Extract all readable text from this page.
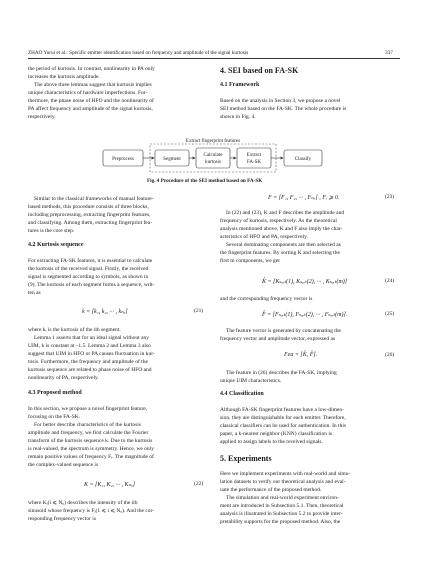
ZHAO Yurui et al.: Specific emitter identification based on frequency and amplitude of the signal kurtosis	337
the period of kurtosis. In contrast, nonlinearity in PA only
increases the kurtosis amplitude.
The above three lemmas suggest that kurtosis implies
unique characteristics of hardware imperfections. Fur-
thermore, the phase noise of HFO and the nonlinearity of
PA affect frequency and amplitude of the signal kurtosis,
respectively.
4. SEI based on FA-SK
4.1 Framework
Based on the analysis in Section 3, we propose a novel
SEI method based on the FA-SK. The whole procedure is
shown in Fig. 4.
Extract fingerprint features
Preprocess	Segment
Calculate
kurtosis
Extract
FA-SK
Classify
Fig. 4 Procedure of the SEI method based on FA-SK
Similar to the classical frameworks of manual feature-
based methods, this procedure consists of three blocks,
including preprocessing, extracting fingerprint features,
and classifying. Among them, extracting fingerprint fea-
tures is the core step.
4.2 Kurtosis sequence
For extracting FA-SK features, it is essential to calculate
the kurtosis of the received signal. Firstly, the received
signal is segmented according to symbols, as shown in
(9). The kurtosis of each segment forms a sequence, writ-
ten as
k = [k₁, k₂, ··· , kₙₐ]	(21)
where kᵢ is the kurtosis of the ith segment.
Lemma 1 asserts that for an ideal signal without any
UIM, k is constant at –1.5. Lemma 2 and Lemma 3 also
suggest that UIM in HFO or PA causes fluctuation in kur-
tosis. Furthermore, the frequency and amplitude of the
kurtosis sequence are related to phase noise of HFO and
nonlinearity of PA, respectively.
4.3 Proposed method
In this section, we propose a novel fingerprint feature,
focusing on the FA-SK.
For better describe characteristics of the kurtosis
amplitude and frequency, we first calculate the Fourier
transform of the kurtosis sequence k. Due to the kurtosis
is real-valued, the spectrum is symmetry. Hence, we only
remain positive values of frequency Fᵢ. The magnitude of
the complex-valued sequence is
K = [K₁, K₂, ··· , Kₙᵤ]	(22)
where Kᵢ(i ⩽ Nᵤ) describes the intensity of the ith
sinusoid whose frequency is Fᵢ(1 ⩽ i ⩽ Nᵤ). And the cor-
responding frequency vector is
F = [F₁, F₂, ··· , Fₙᵤ] , Fᵢ ⩾ 0.	(23)
In (22) and (23), K and F describes the amplitude and
frequency of kurtosis, respectively. As the theoretical
analysis mentioned above, K and F also imply the char-
acteristics of HFO and PA, respectively.
Several dominating components are then selected as
the fingerprint features. By sorting K and selecting the
first m components, we get
K̂ = [Kₛₒᵣₜ(1), Kₛₒᵣₜ(2), ··· , Kₛₒᵣₜ(m)]	(24)
and the corresponding frequency vector is
F̂ = [Fₛₒᵣₜ(1), Fₛₒᵣₜ(2), ··· , Fₛₒᵣₜ(m)].	(25)
The feature vector is generated by concatenating the
frequency vector and amplitude vector, expressed as
Fea = [K̂, F̂].	(26)
The feature in (26) describes the FA-SK, implying
unique UIM characteristics.
4.4 Classification
Although FA-SK fingerprint features have a low-dimen-
sion, they are distinguishable for each emitter. Therefore,
classical classifiers can be used for authentication. In this
paper, a k-nearest neighbor (KNN) classification is
applied to assign labels to the received signals.
5. Experiments
Here we implement experiments with real-world and simu-
lation datasets to verify our theoretical analysis and eval-
uate the performance of the proposed method.
The simulation and real-world experiment environ-
ment are introduced in Subsection 5.1. Then, theoretical
analysis is illustrated in Subsection 5.2 to provide inter-
pretability supports for the proposed method. Also, the
